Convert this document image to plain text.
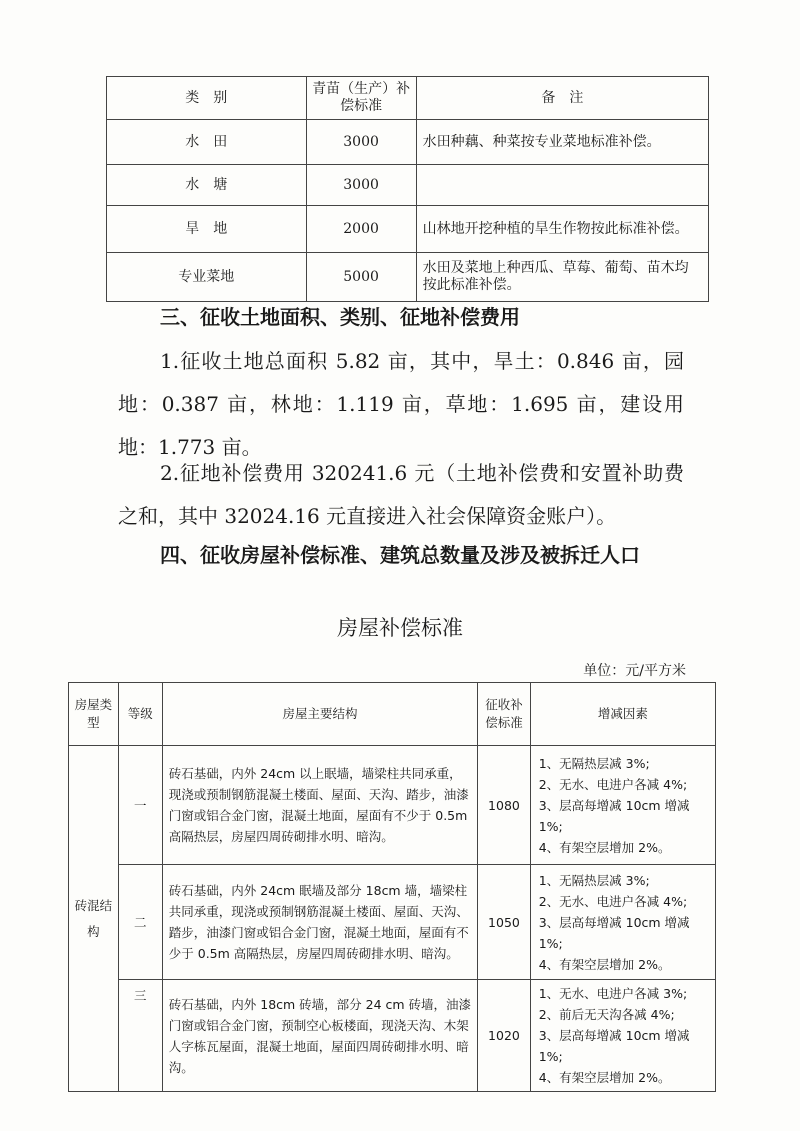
类　别	青苗（生产）补偿标准	备　注
水　田	3000	水田种藕、种菜按专业菜地标准补偿。
水　塘	3000	
旱　地	2000	山林地开挖种植的旱生作物按此标准补偿。
专业菜地	5000	水田及菜地上种西瓜、草莓、葡萄、苗木均按此标准补偿。

三、征收土地面积、类别、征地补偿费用

1.征收土地总面积 5.82 亩，其中，旱土：0.846 亩，园地：0.387 亩，林地：1.119 亩，草地：1.695 亩，建设用地：1.773 亩。

2.征地补偿费用 320241.6 元（土地补偿费和安置补助费之和，其中 32024.16 元直接进入社会保障资金账户）。

四、征收房屋补偿标准、建筑总数量及涉及被拆迁人口

房屋补偿标准

单位：元/平方米

房屋类型	等级	房屋主要结构	征收补偿标准	增减因素
砖混结构	一	砖石基础，内外 24cm 以上眠墙，墙梁柱共同承重，现浇或预制钢筋混凝土楼面、屋面、天沟、踏步，油漆门窗或铝合金门窗，混凝土地面，屋面有不少于 0.5m 高隔热层，房屋四周砖砌排水明、暗沟。	1080	1、无隔热层减 3%;
2、无水、电进户各减 4%;
3、层高每增减 10cm 增减 1%;
4、有架空层增加 2%。

	二	砖石基础，内外 24cm 眠墙及部分 18cm 墙，墙梁柱共同承重，现浇或预制钢筋混凝土楼面、屋面、天沟、踏步，油漆门窗或铝合金门窗，混凝土地面，屋面有不少于 0.5m 高隔热层，房屋四周砖砌排水明、暗沟。	1050	1、无隔热层减 3%;
2、无水、电进户各减 4%;
3、层高每增减 10cm 增减 1%;
4、有架空层增加 2%。

	三	砖石基础，内外 18cm 砖墙，部分 24 cm 砖墙，油漆门窗或铝合金门窗，预制空心板楼面，现浇天沟、木架人字栋瓦屋面，混凝土地面，屋面四周砖砌排水明、暗沟。	1020	1、无水、电进户各减 3%;
2、前后无天沟各减 4%;
3、层高每增减 10cm 增减 1%;
4、有架空层增加 2%。
